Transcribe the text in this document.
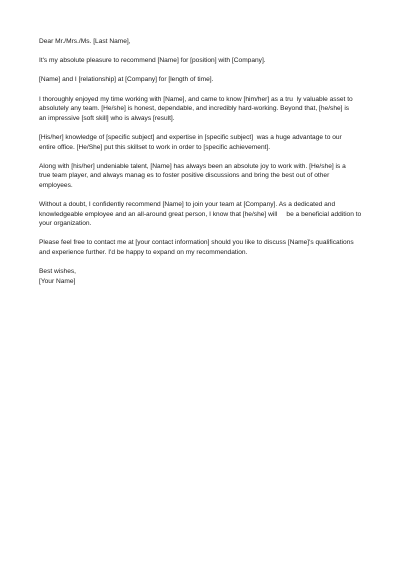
Dear Mr./Mrs./Ms. [Last Name],
It's my absolute pleasure to recommend [Name] for [position] with [Company].
[Name] and I [relationship] at [Company] for [length of time].
I thoroughly enjoyed my time working with [Name], and came to know [him/her] as a tru  ly valuable asset to
absolutely any team. [He/she] is honest, dependable, and incredibly hard-working. Beyond that, [he/she] is
an impressive [soft skill] who is always [result].
[His/her] knowledge of [specific subject] and expertise in [specific subject]  was a huge advantage to our
entire office. [He/She] put this skillset to work in order to [specific achievement].
Along with [his/her] undeniable talent, [Name] has always been an absolute joy to work with. [He/she] is a
true team player, and always manag es to foster positive discussions and bring the best out of other
employees.
Without a doubt, I confidently recommend [Name] to join your team at [Company]. As a dedicated and
knowledgeable employee and an all-around great person, I know that [he/she] will     be a beneficial addition to
your organization.
Please feel free to contact me at [your contact information] should you like to discuss [Name]'s qualifications
and experience further. I'd be happy to expand on my recommendation.
Best wishes,
[Your Name]
